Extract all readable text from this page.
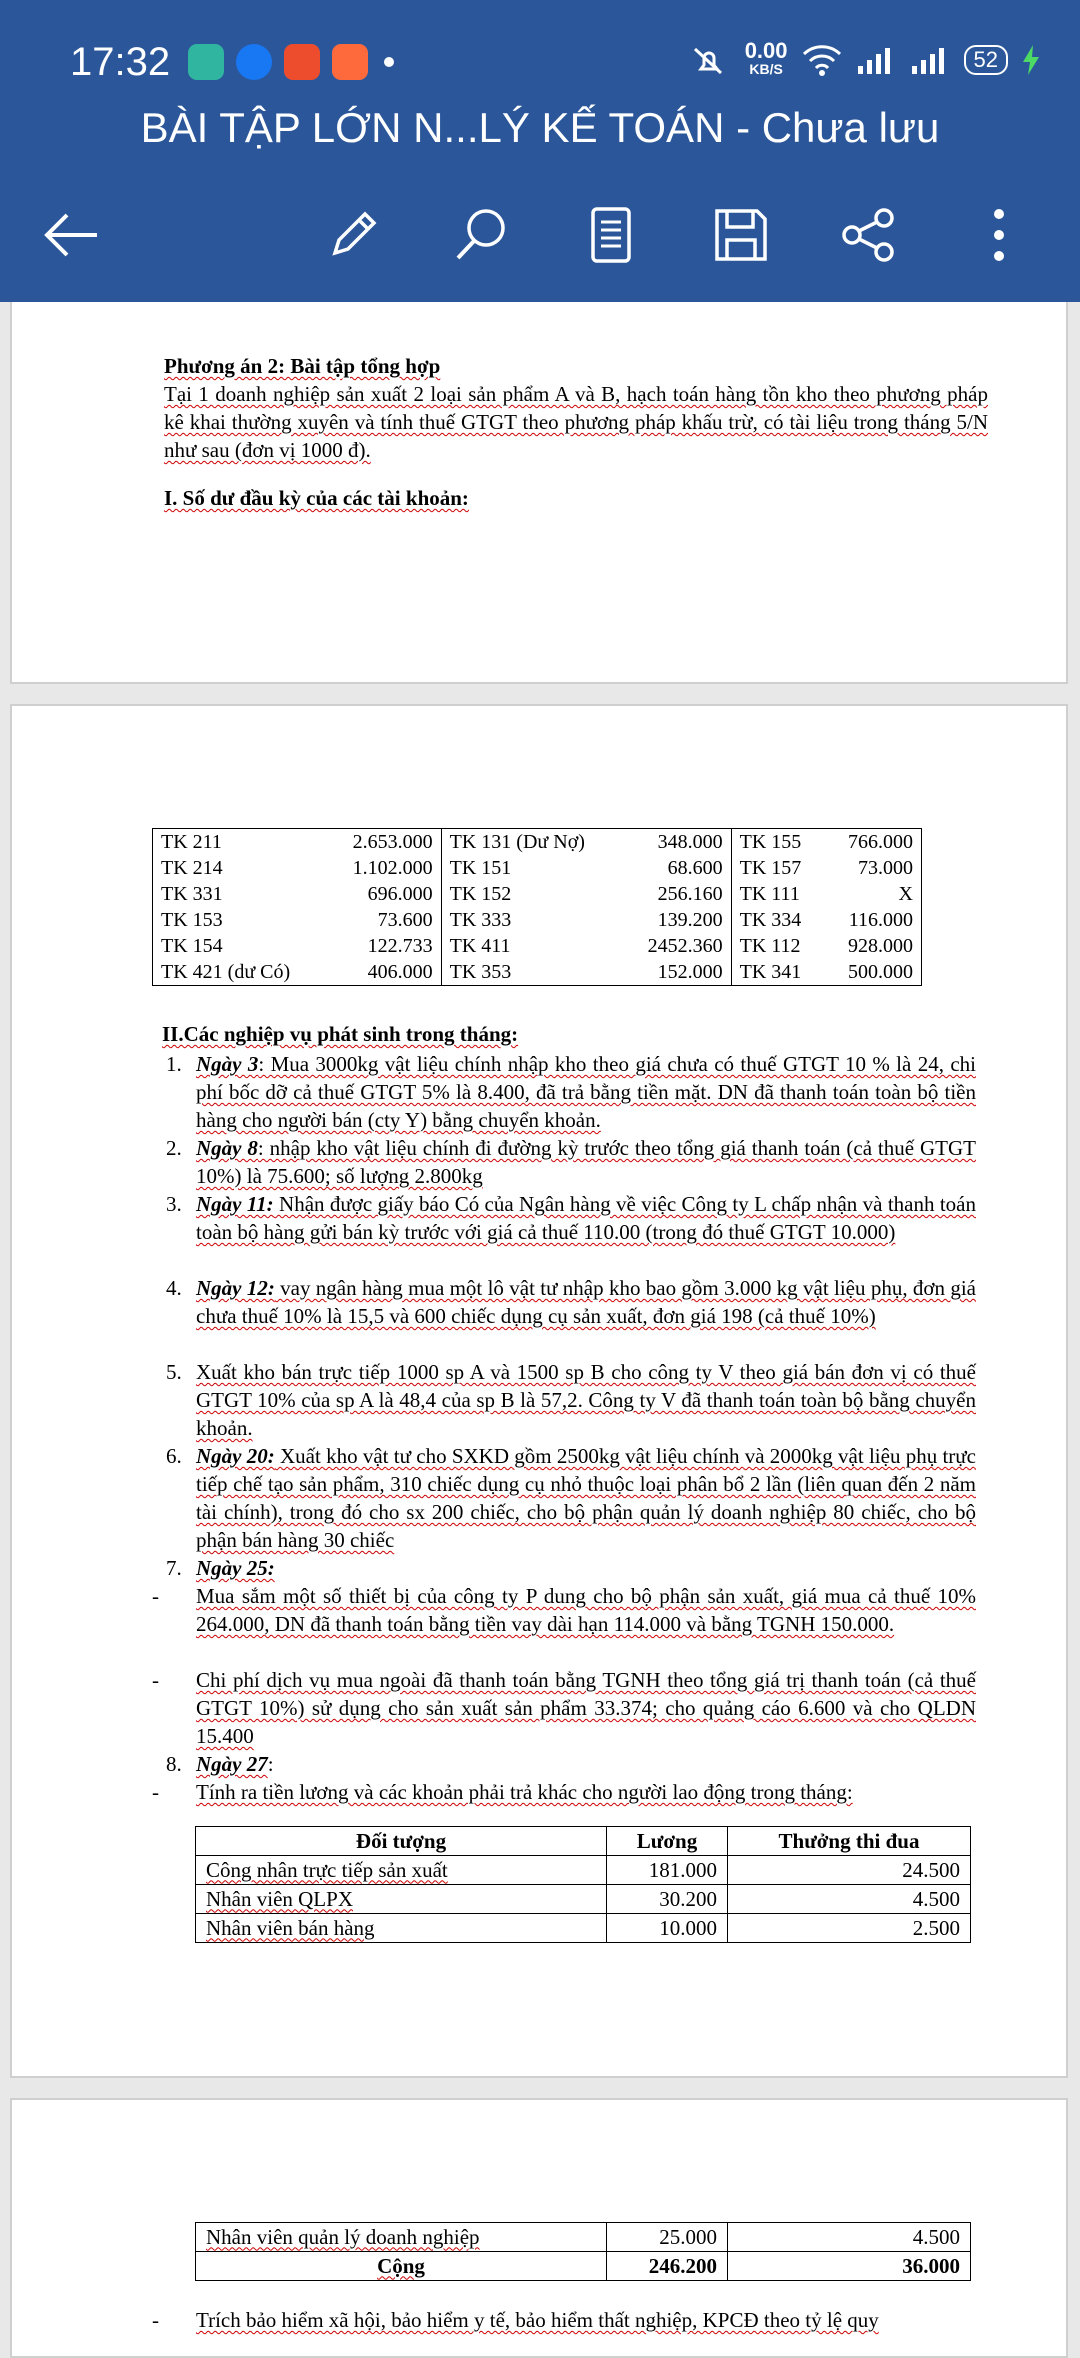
17:32	0.00
KB/S	52
BÀI TẬP LỚN N...LÝ KẾ TOÁN - Chưa lưu
Phương án 2: Bài tập tổng hợp
Tại 1 doanh nghiệp sản xuất 2 loại sản phẩm A và B, hạch toán hàng tồn kho theo phương pháp kê khai thường xuyên và tính thuế GTGT theo phương pháp khấu trừ, có tài liệu trong tháng 5/N như sau (đơn vị 1000 đ).
I. Số dư đầu kỳ của các tài khoản:
TK 211	2.653.000	TK 131 (Dư Nợ)	348.000	TK 155	766.000
TK 214	1.102.000	TK 151	68.600	TK 157	73.000
TK 331	696.000	TK 152	256.160	TK 111	X
TK 153	73.600	TK 333	139.200	TK 334	116.000
TK 154	122.733	TK 411	2452.360	TK 112	928.000
TK 421 (dư Có)	406.000	TK 353	152.000	TK 341	500.000
II.Các nghiệp vụ phát sinh trong tháng:
1. Ngày 3: Mua 3000kg vật liệu chính nhập kho theo giá chưa có thuế GTGT 10 % là 24, chi phí bốc dỡ cả thuế GTGT 5% là 8.400, đã trả bằng tiền mặt. DN đã thanh toán toàn bộ tiền hàng cho người bán (cty Y) bằng chuyển khoản.
2. Ngày 8: nhập kho vật liệu chính đi đường kỳ trước theo tổng giá thanh toán (cả thuế GTGT 10%) là 75.600; số lượng 2.800kg
3. Ngày 11: Nhận được giấy báo Có của Ngân hàng về việc Công ty L chấp nhận và thanh toán toàn bộ hàng gửi bán kỳ trước với giá cả thuế 110.00 (trong đó thuế GTGT 10.000)
4. Ngày 12: vay ngân hàng mua một lô vật tư nhập kho bao gồm 3.000 kg vật liệu phụ, đơn giá chưa thuế 10% là 15,5 và 600 chiếc dụng cụ sản xuất, đơn giá 198 (cả thuế 10%)
5. Xuất kho bán trực tiếp 1000 sp A và 1500 sp B cho công ty V theo giá bán đơn vị có thuế GTGT 10% của sp A là 48,4 của sp B là 57,2. Công ty V đã thanh toán toàn bộ bằng chuyển khoản.
6. Ngày 20: Xuất kho vật tư cho SXKD gồm 2500kg vật liệu chính và 2000kg vật liệu phụ trực tiếp chế tạo sản phẩm, 310 chiếc dụng cụ nhỏ thuộc loại phân bổ 2 lần (liên quan đến 2 năm tài chính), trong đó cho sx 200 chiếc, cho bộ phận quản lý doanh nghiệp 80 chiếc, cho bộ phận bán hàng 30 chiếc
7. Ngày 25:
- Mua sắm một số thiết bị của công ty P dung cho bộ phận sản xuất, giá mua cả thuế 10% 264.000, DN đã thanh toán bằng tiền vay dài hạn 114.000 và bằng TGNH 150.000.
- Chi phí dịch vụ mua ngoài đã thanh toán bằng TGNH theo tổng giá trị thanh toán (cả thuế GTGT 10%) sử dụng cho sản xuất sản phẩm 33.374; cho quảng cáo 6.600 và cho QLDN 15.400
8. Ngày 27:
- Tính ra tiền lương và các khoản phải trả khác cho người lao động trong tháng:
Đối tượng	Lương	Thưởng thi đua
Công nhân trực tiếp sản xuất	181.000	24.500
Nhân viên QLPX	30.200	4.500
Nhân viên bán hàng	10.000	2.500
Nhân viên quản lý doanh nghiệp	25.000	4.500
Cộng	246.200	36.000
- Trích bảo hiểm xã hội, bảo hiểm y tế, bảo hiểm thất nghiệp, KPCĐ theo tỷ lệ quy
